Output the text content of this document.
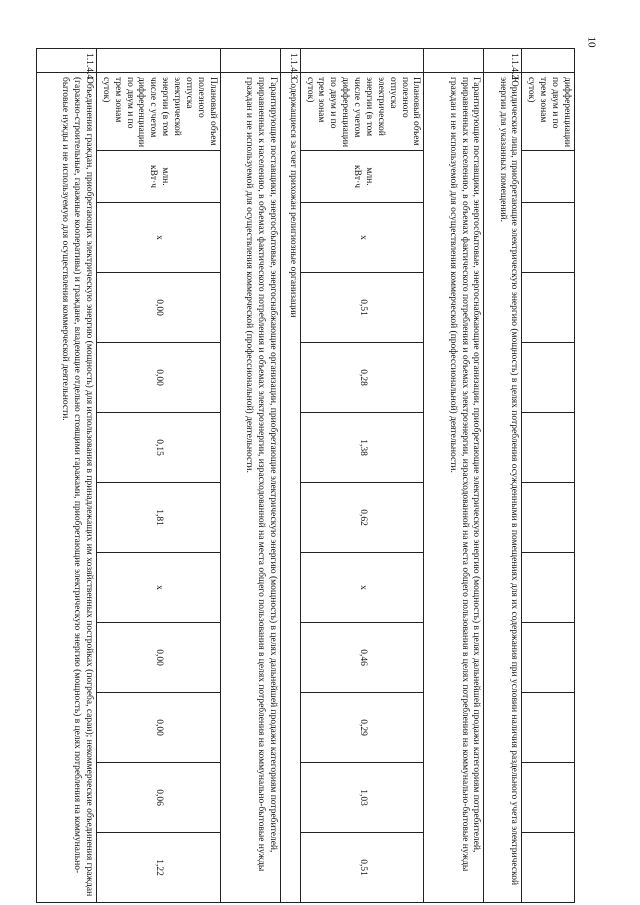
10
	дифференциации по двум и по трем зонам суток)											
1.1.4.2	Юридические лица, приобретающие электрическую энергию (мощность) в целях потребления осужденными в помещениях для их содержания при условии наличия раздельного учета электрической энергии для указанных помещений.											
	Гарантирующие поставщики, энергосбытовые, энергоснабжающие организации, приобретающие электрическую энергию (мощность) в целях дальнейшей продажи категориям потребителей, приравненных к населению, в объемах фактического потребления и объемах электроэнергии, израсходованной на места общего пользования в целях потребления на коммунально-бытовые нужды граждан и не используемой для осуществления коммерческой (профессиональной) деятельности.											
	Плановый объем полезного отпуска электрической энергии (в том числе с учетом дифференциации по двум и по трем зонам суток)	млн. кВт·ч	x	0,51	0,28	1,38	0,62	x	0,46	0,29	1,03	0,51
1.1.4.3	Содержащиеся за счет прихожан религиозные организации											
	Гарантирующие поставщики, энергосбытовые, энергоснабжающие организации, приобретающие электрическую энергию (мощность) в целях дальнейшей продажи категориям потребителей, приравненных к населению, в объемах фактического потребления и объемах электроэнергии, израсходованной на места общего пользования в целях потребления на коммунально-бытовые нужды граждан и не используемой для осуществления коммерческой (профессиональной) деятельности.											
	Плановый объем полезного отпуска электрической энергии (в том числе с учетом дифференциации по двум и по трем зонам суток)	млн. кВт·ч	x	0,00	0,00	0,15	1,81	x	0,00	0,00	0,06	1,22
1.1.4.4	Объединения граждан, приобретающих электрическую энергию (мощность) для использования в принадлежащих им хозяйственных постройках (погреба, сараи); некоммерческие объединения граждан (гаражно-строительные, гаражные кооперативы) и граждане, владеющие отдельно стоящими гаражами, приобретающие электрическую энергию (мощность) в целях потребления на коммунально-бытовые нужды и не используемую для осуществления коммерческой деятельности.											
